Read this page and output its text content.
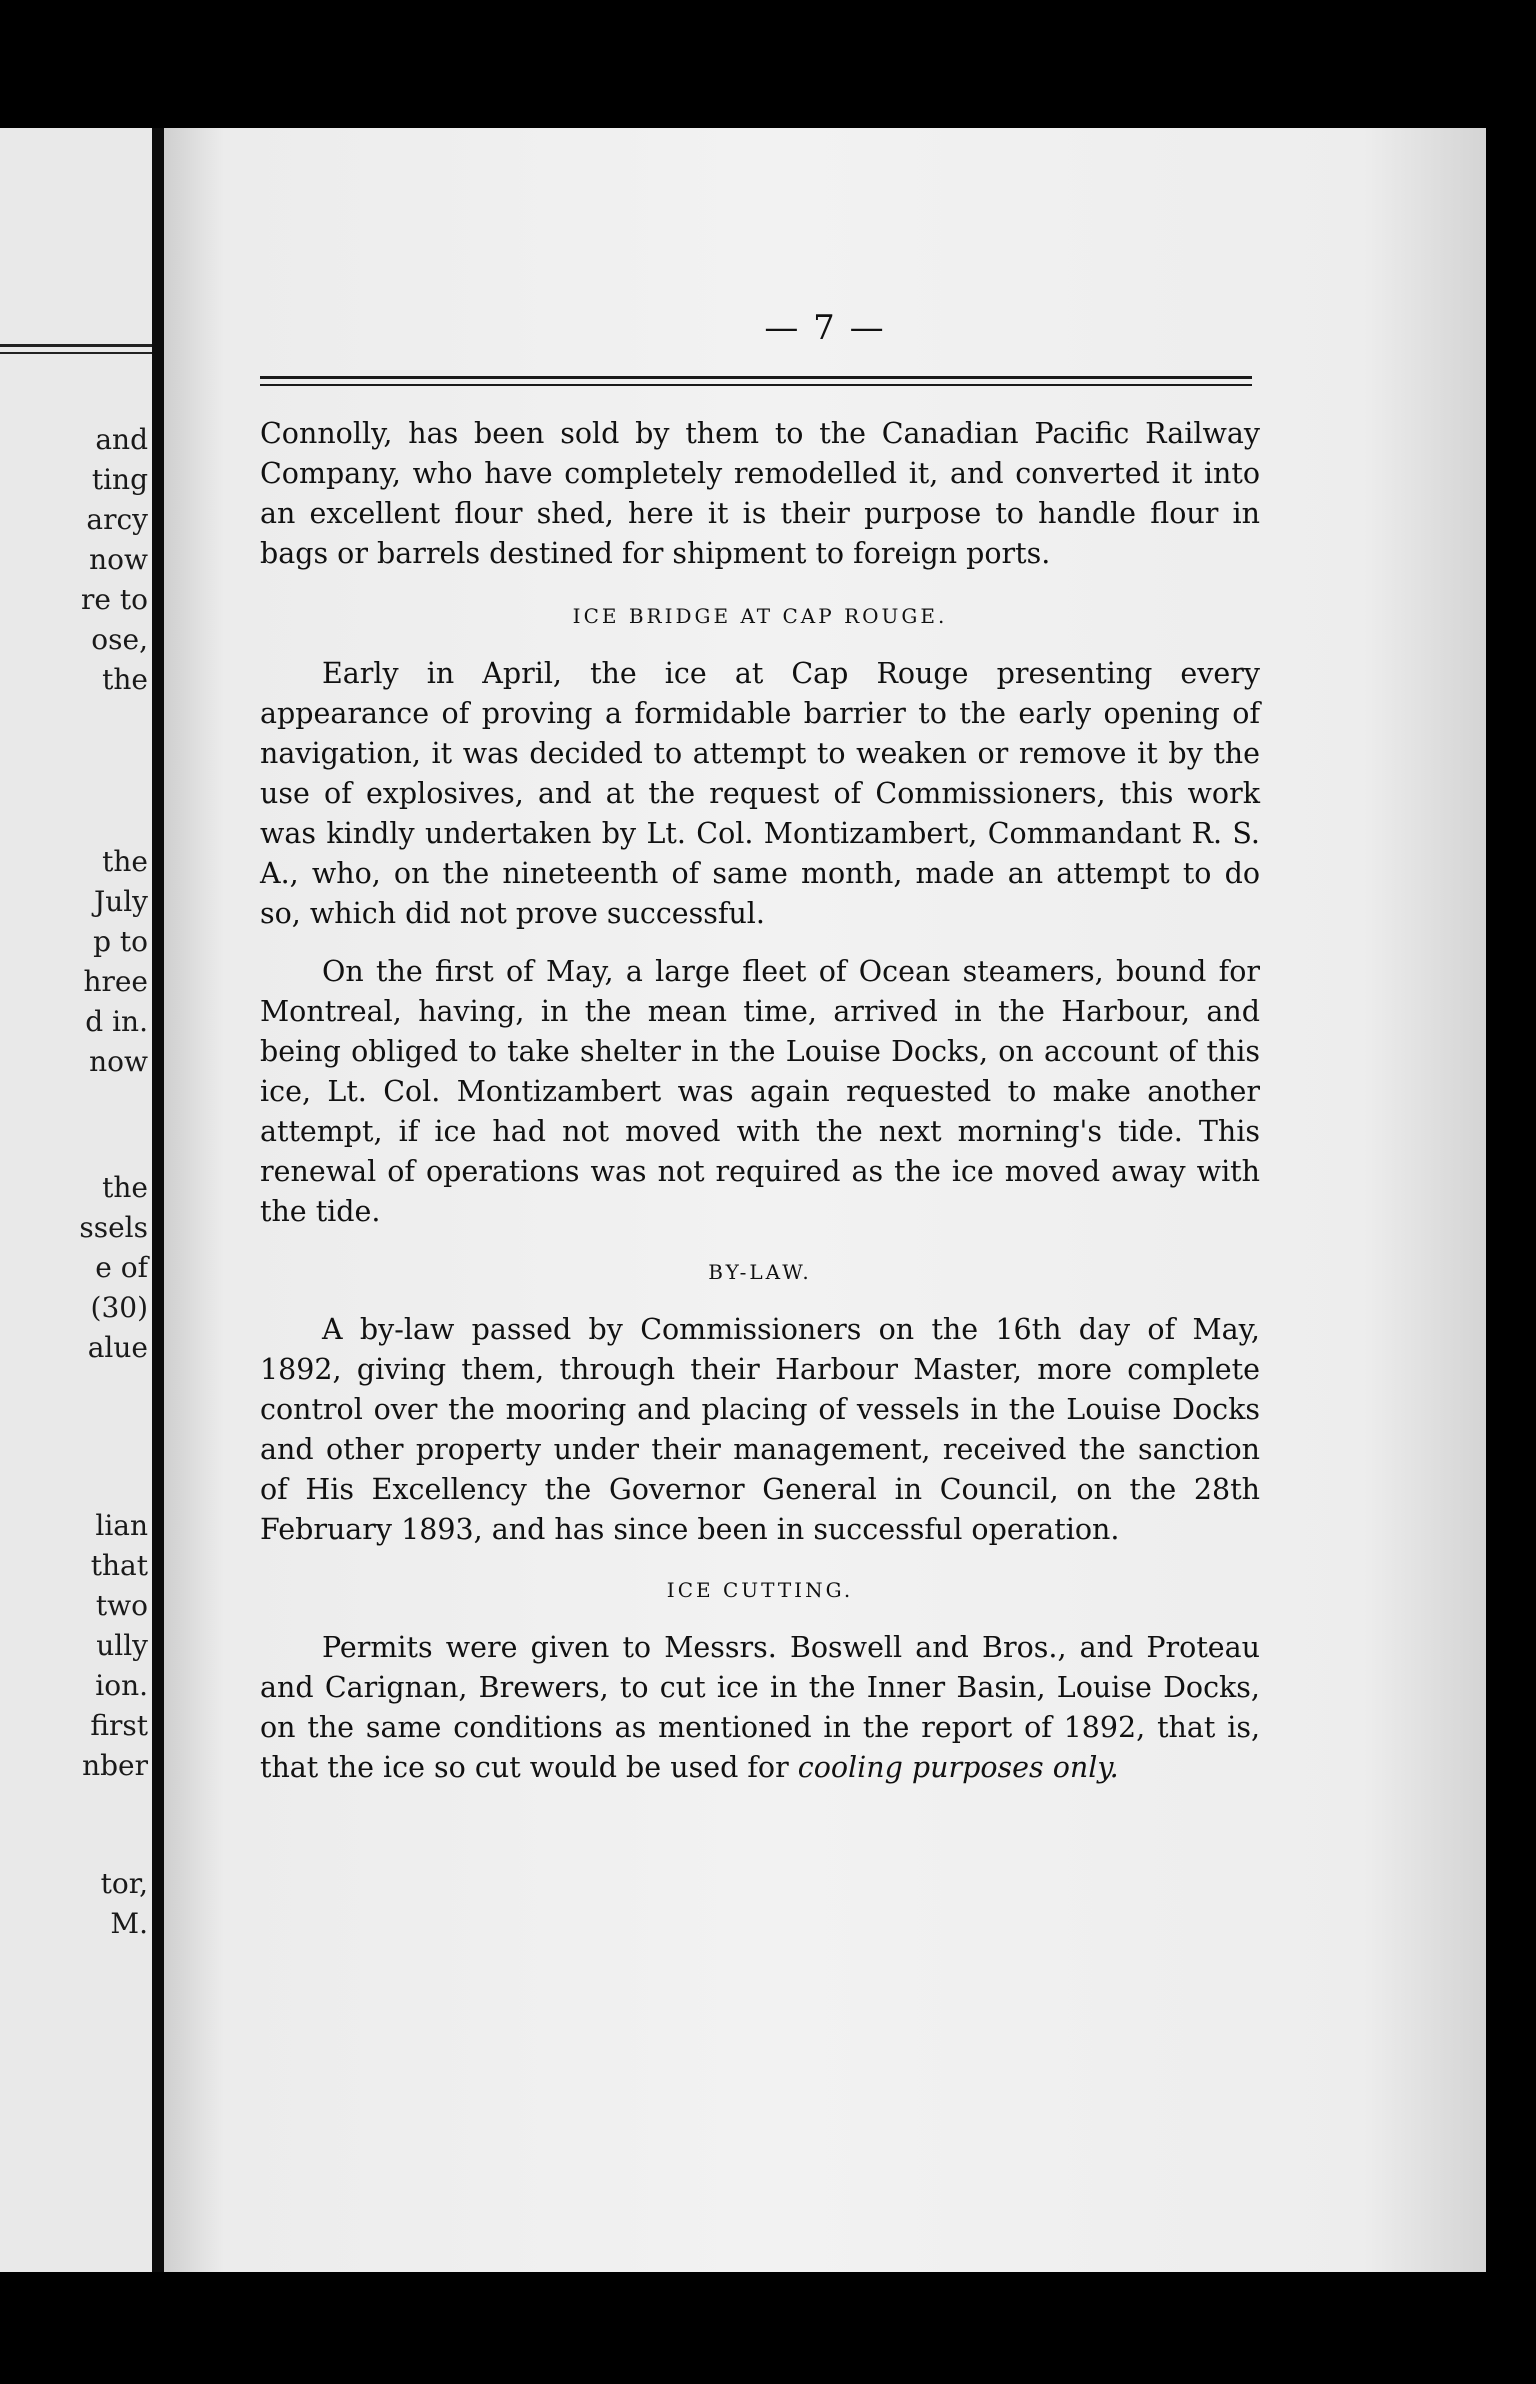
and
ting
arcy
now
re to
ose,
the
the
July
p to
hree
d in.
now
the
ssels
e of
(30)
alue
lian
that
two
ully
ion.
first
nber
tor,
M.
— 7 —

Connolly, has been sold by them to the Canadian Pacific Railway Company, who have completely remodelled it, and converted it into an excellent flour shed, here it is their purpose to handle flour in bags or barrels destined for shipment to foreign ports.

ICE BRIDGE AT CAP ROUGE.

Early in April, the ice at Cap Rouge presenting every appearance of proving a formidable barrier to the early opening of navigation, it was decided to attempt to weaken or remove it by the use of explosives, and at the request of Commissioners, this work was kindly undertaken by Lt. Col. Montizambert, Commandant R. S. A., who, on the nineteenth of same month, made an attempt to do so, which did not prove successful.

On the first of May, a large fleet of Ocean steamers, bound for Montreal, having, in the mean time, arrived in the Harbour, and being obliged to take shelter in the Louise Docks, on account of this ice, Lt. Col. Montizambert was again requested to make another attempt, if ice had not moved with the next morning's tide. This renewal of operations was not required as the ice moved away with the tide.

BY-LAW.

A by-law passed by Commissioners on the 16th day of May, 1892, giving them, through their Harbour Master, more complete control over the mooring and placing of vessels in the Louise Docks and other property under their management, received the sanction of His Excellency the Governor General in Council, on the 28th February 1893, and has since been in successful operation.

ICE CUTTING.

Permits were given to Messrs. Boswell and Bros., and Proteau and Carignan, Brewers, to cut ice in the Inner Basin, Louise Docks, on the same conditions as mentioned in the report of 1892, that is, that the ice so cut would be used for cooling purposes only.
